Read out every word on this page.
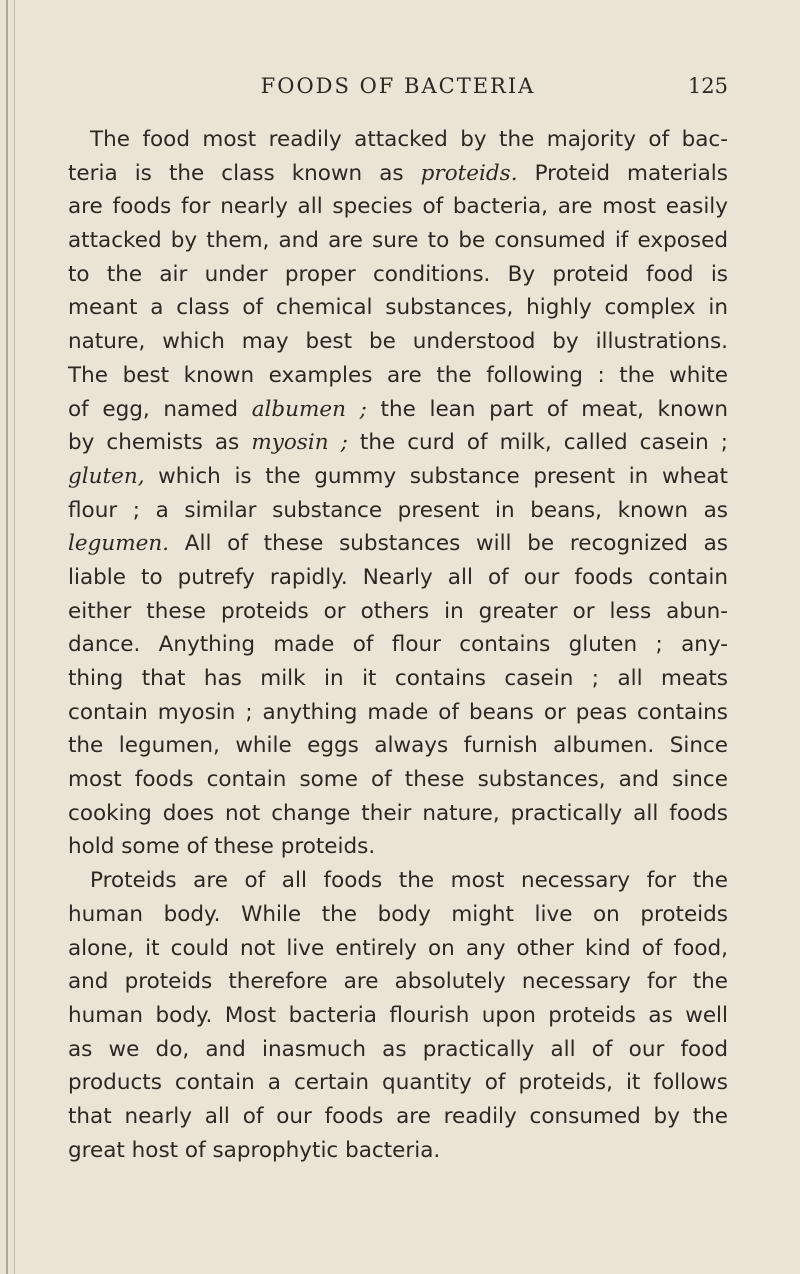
FOODS OF BACTERIA	125
The food most readily attacked by the majority of bac-
teria is the class known as proteids. Proteid materials
are foods for nearly all species of bacteria, are most easily
attacked by them, and are sure to be consumed if exposed
to the air under proper conditions. By proteid food is
meant a class of chemical substances, highly complex in
nature, which may best be understood by illustrations.
The best known examples are the following : the white
of egg, named albumen ; the lean part of meat, known
by chemists as myosin ; the curd of milk, called casein ;
gluten, which is the gummy substance present in wheat
flour ; a similar substance present in beans, known as
legumen. All of these substances will be recognized as
liable to putrefy rapidly. Nearly all of our foods contain
either these proteids or others in greater or less abun-
dance. Anything made of flour contains gluten ; any-
thing that has milk in it contains casein ; all meats
contain myosin ; anything made of beans or peas contains
the legumen, while eggs always furnish albumen. Since
most foods contain some of these substances, and since
cooking does not change their nature, practically all foods
hold some of these proteids.
Proteids are of all foods the most necessary for the
human body. While the body might live on proteids
alone, it could not live entirely on any other kind of food,
and proteids therefore are absolutely necessary for the
human body. Most bacteria flourish upon proteids as well
as we do, and inasmuch as practically all of our food
products contain a certain quantity of proteids, it follows
that nearly all of our foods are readily consumed by the
great host of saprophytic bacteria.
